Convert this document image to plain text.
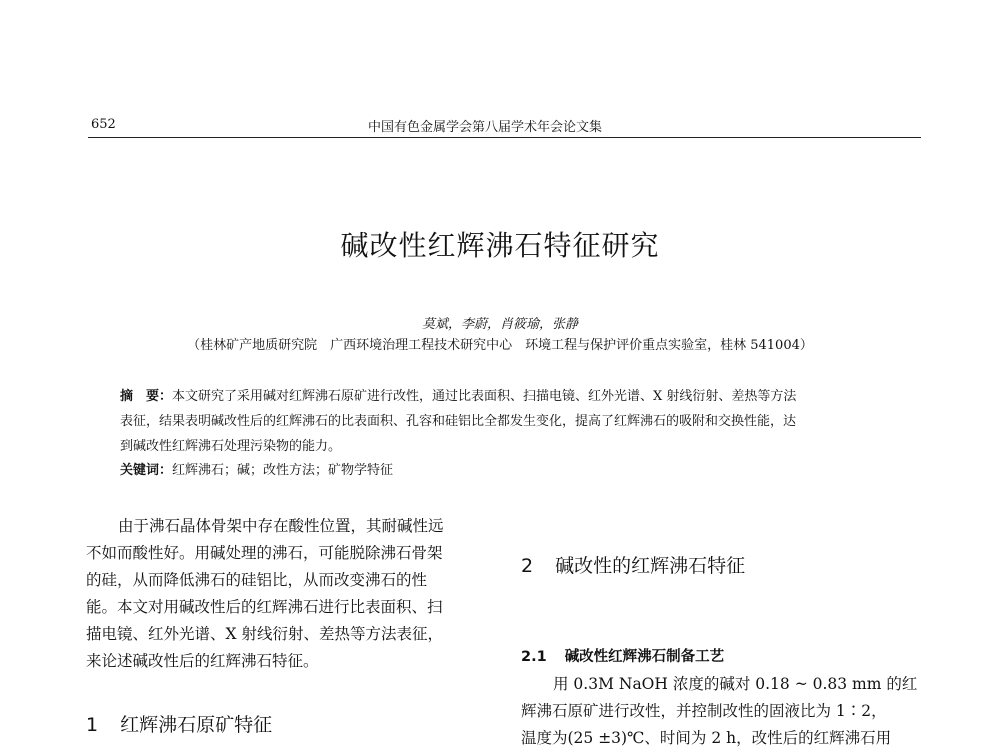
652	中国有色金属学会第八届学术年会论文集
碱改性红辉沸石特征研究
莫斌，李蔚，肖筱瑜，张静
（桂林矿产地质研究院　广西环境治理工程技术研究中心　环境工程与保护评价重点实验室，桂林 541004）
摘　要：本文研究了采用碱对红辉沸石原矿进行改性，通过比表面积、扫描电镜、红外光谱、X 射线衍射、差热等方法
表征，结果表明碱改性后的红辉沸石的比表面积、孔容和硅铝比全都发生变化，提高了红辉沸石的吸附和交换性能，达
到碱改性红辉沸石处理污染物的能力。
关键词：红辉沸石；碱；改性方法；矿物学特征
由于沸石晶体骨架中存在酸性位置，其耐碱性远
不如而酸性好。用碱处理的沸石，可能脱除沸石骨架
的硅，从而降低沸石的硅铝比，从而改变沸石的性
能。本文对用碱改性后的红辉沸石进行比表面积、扫
描电镜、红外光谱、X 射线衍射、差热等方法表征，
来论述碱改性后的红辉沸石特征。
1 红辉沸石原矿特征
2 碱改性的红辉沸石特征
2.1 碱改性红辉沸石制备工艺
用 0.3M NaOH 浓度的碱对 0.18 ~ 0.83 mm 的红
辉沸石原矿进行改性，并控制改性的固液比为 1∶2，
温度为(25 ±3)℃、时间为 2 h，改性后的红辉沸石用
